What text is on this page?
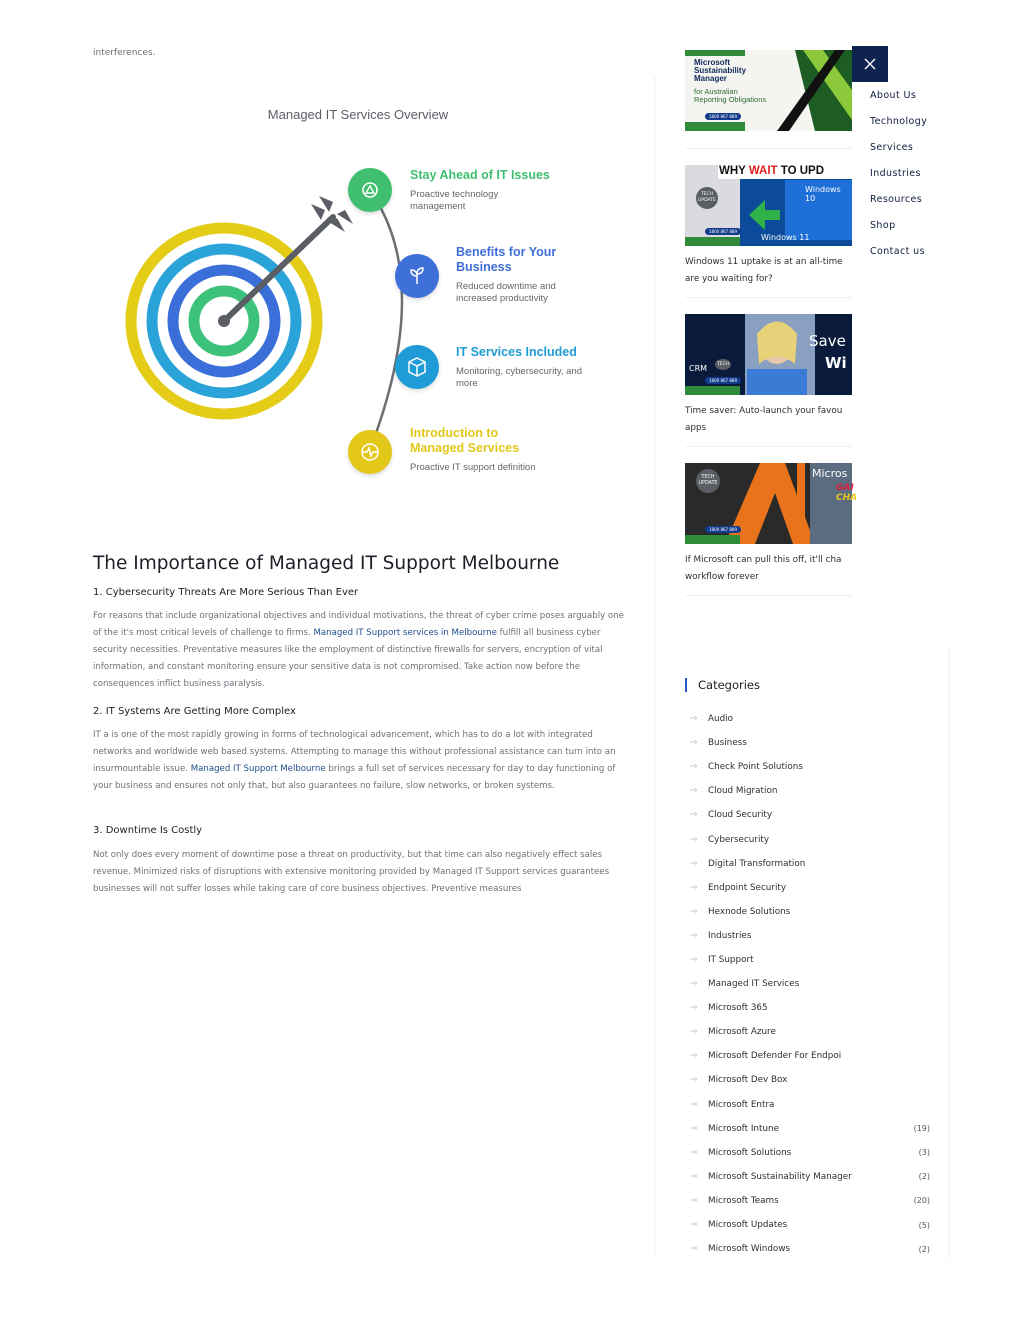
interferences.
Managed IT Services Overview
Stay Ahead of IT Issues
Proactive technology management
Benefits for Your Business
Reduced downtime and increased productivity
IT Services Included
Monitoring, cybersecurity, and more
Introduction to Managed Services
Proactive IT support definition
The Importance of Managed IT Support Melbourne
1. Cybersecurity Threats Are More Serious Than Ever

For reasons that include organizational objectives and individual motivations, the threat of cyber crime poses arguably one of the it's most critical levels of challenge to firms. Managed IT Support services in Melbourne fulfill all business cyber security necessities. Preventative measures like the employment of distinctive firewalls for servers, encryption of vital information, and constant monitoring ensure your sensitive data is not compromised. Take action now before the consequences inflict business paralysis.

2. IT Systems Are Getting More Complex

IT a is one of the most rapidly growing in forms of technological advancement, which has to do a lot with integrated networks and worldwide web based systems. Attempting to manage this without professional assistance can turn into an insurmountable issue. Managed IT Support Melbourne brings a full set of services necessary for day to day functioning of your business and ensures not only that, but also guarantees no failure, slow networks, or broken systems.

3. Downtime Is Costly

Not only does every moment of downtime pose a threat on productivity, but that time can also negatively effect sales revenue. Minimized risks of disruptions with extensive monitoring provided by Managed IT Support services guarantees businesses will not suffer losses while taking care of core business objectives. Preventive measures

Microsoft
Sustainability
Manager
for Australian
Reporting Obligations
1800 867 889
WHY WAIT TO UPD
TECH
UPDATE
Windows 10
Windows 11
1800 867 889
Windows 11 uptake is at an all-time
are you waiting for?
CRM
Save
Wi
TECH
1800 867 889
Time saver: Auto-launch your favou
apps
TECH
UPDATE
Micros
GAI
CHA
1800 867 889
If Microsoft can pull this off, it'll cha
workflow forever
Categories
⇒	Audio
⇒	Business
⇒	Check Point Solutions
⇒	Cloud Migration
⇒	Cloud Security
⇒	Cybersecurity
⇒	Digital Transformation
⇒	Endpoint Security
⇒	Hexnode Solutions
⇒	Industries
⇒	IT Support
⇒	Managed IT Services
⇒	Microsoft 365
⇒	Microsoft Azure
⇒	Microsoft Defender For Endpoi
⇒	Microsoft Dev Box
⇒	Microsoft Entra
⇒	Microsoft Intune	(19)
⇒	Microsoft Solutions	(3)
⇒	Microsoft Sustainability Manager	(2)
⇒	Microsoft Teams	(20)
⇒	Microsoft Updates	(5)
⇒	Microsoft Windows	(2)
About Us
Technology
Services
Industries
Resources
Shop
Contact us
